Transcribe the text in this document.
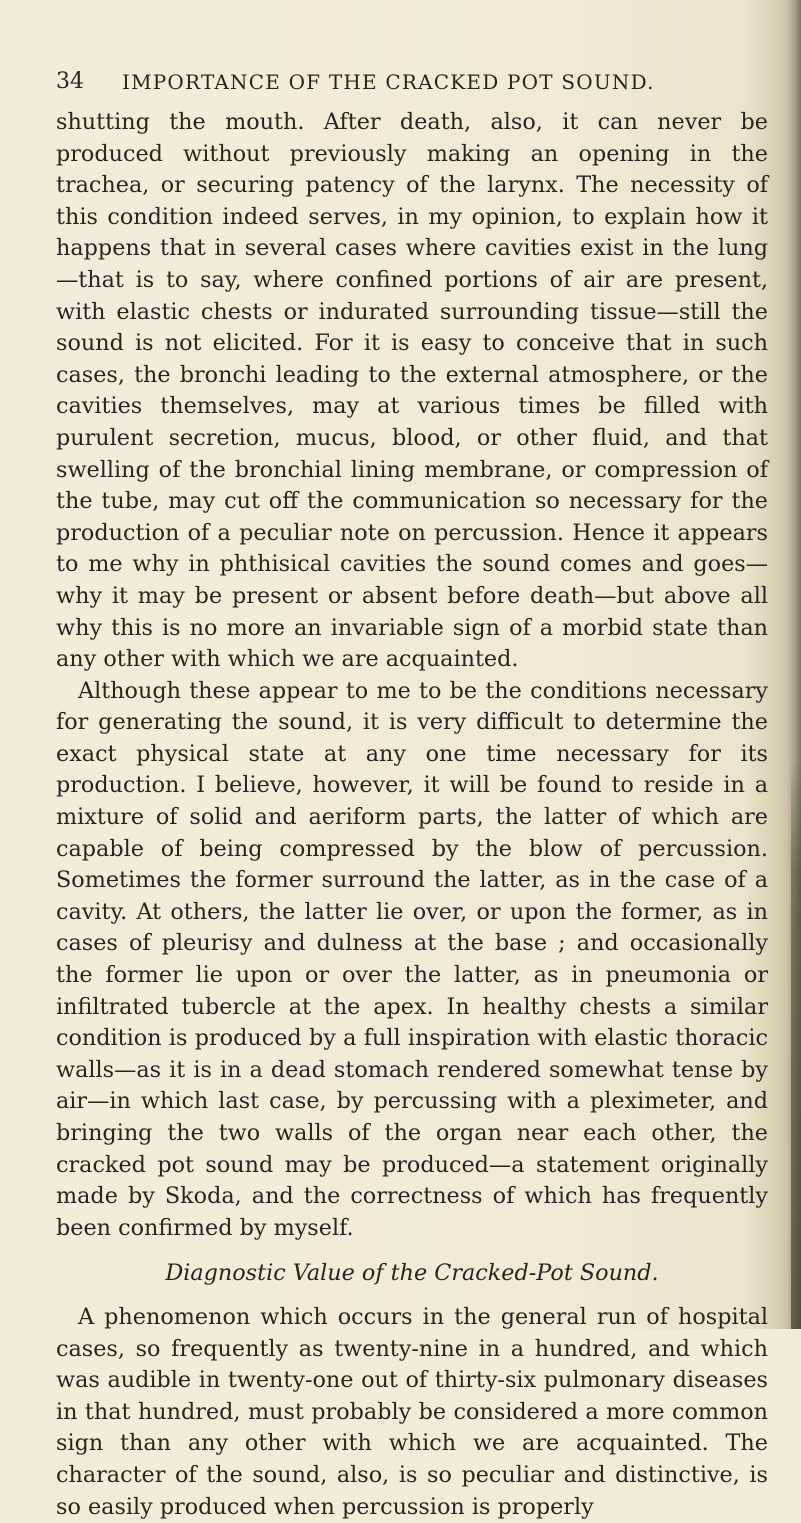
34 IMPORTANCE OF THE CRACKED POT SOUND.

shutting the mouth. After death, also, it can never be produced without previously making an opening in the trachea, or securing patency of the larynx. The necessity of this condition indeed serves, in my opinion, to explain how it happens that in several cases where cavities exist in the lung—that is to say, where confined portions of air are present, with elastic chests or indurated surrounding tissue—still the sound is not elicited. For it is easy to conceive that in such cases, the bronchi leading to the external atmosphere, or the cavities themselves, may at various times be filled with purulent secretion, mucus, blood, or other fluid, and that swelling of the bronchial lining membrane, or compression of the tube, may cut off the communication so necessary for the production of a peculiar note on percussion. Hence it appears to me why in phthisical cavities the sound comes and goes—why it may be present or absent before death—but above all why this is no more an invariable sign of a morbid state than any other with which we are acquainted.

Although these appear to me to be the conditions necessary for generating the sound, it is very difficult to determine the exact physical state at any one time necessary for its production. I believe, however, it will be found to reside in a mixture of solid and aeriform parts, the latter of which are capable of being compressed by the blow of percussion. Sometimes the former surround the latter, as in the case of a cavity. At others, the latter lie over, or upon the former, as in cases of pleurisy and dulness at the base ; and occasionally the former lie upon or over the latter, as in pneumonia or infiltrated tubercle at the apex. In healthy chests a similar condition is produced by a full inspiration with elastic thoracic walls—as it is in a dead stomach rendered somewhat tense by air—in which last case, by percussing with a pleximeter, and bringing the two walls of the organ near each other, the cracked pot sound may be produced—a statement originally made by Skoda, and the correctness of which has frequently been confirmed by myself.

Diagnostic Value of the Cracked-Pot Sound.

A phenomenon which occurs in the general run of hospital cases, so frequently as twenty-nine in a hundred, and which was audible in twenty-one out of thirty-six pulmonary diseases in that hundred, must probably be considered a more common sign than any other with which we are acquainted. The character of the sound, also, is so peculiar and distinctive, is so easily produced when percussion is properly
